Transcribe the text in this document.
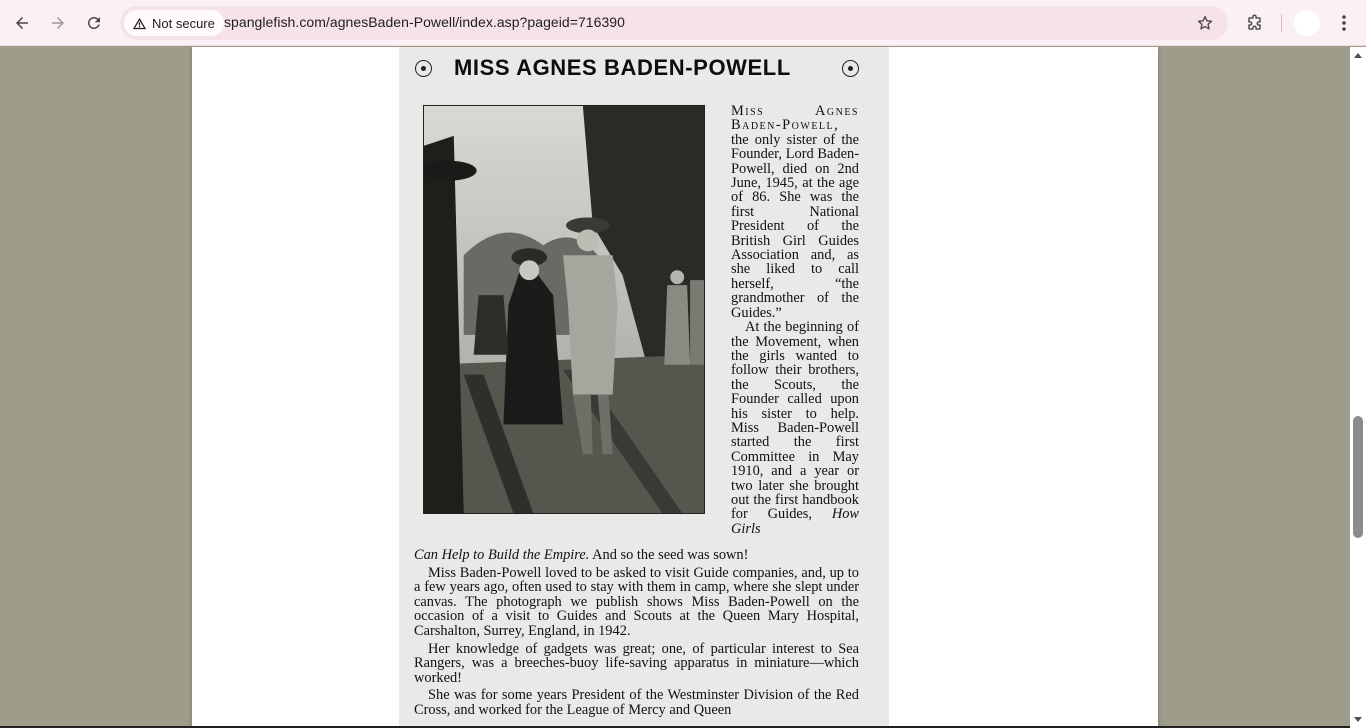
Not secure spanglefish.com/agnesBaden-Powell/index.asp?pageid=716390
MISS AGNES BADEN-POWELL

Miss Agnes Baden-Powell, the only sister of the Founder, Lord Baden-Powell, died on 2nd June, 1945, at the age of 86. She was the first National President of the British Girl Guides Association and, as she liked to call herself, “the grandmother of the Guides.”

At the beginning of the Movement, when the girls wanted to follow their brothers, the Scouts, the Founder called upon his sister to help. Miss Baden-Powell started the first Committee in May 1910, and a year or two later she brought out the first handbook for Guides, How Girls

Can Help to Build the Empire. And so the seed was sown!

Miss Baden-Powell loved to be asked to visit Guide companies, and, up to a few years ago, often used to stay with them in camp, where she slept under canvas. The photograph we publish shows Miss Baden-Powell on the occasion of a visit to Guides and Scouts at the Queen Mary Hospital, Carshalton, Surrey, England, in 1942.

Her knowledge of gadgets was great; one, of particular interest to Sea Rangers, was a breeches-buoy life-saving apparatus in miniature—which worked!

She was for some years President of the Westminster Division of the Red Cross, and worked for the League of Mercy and Queen
